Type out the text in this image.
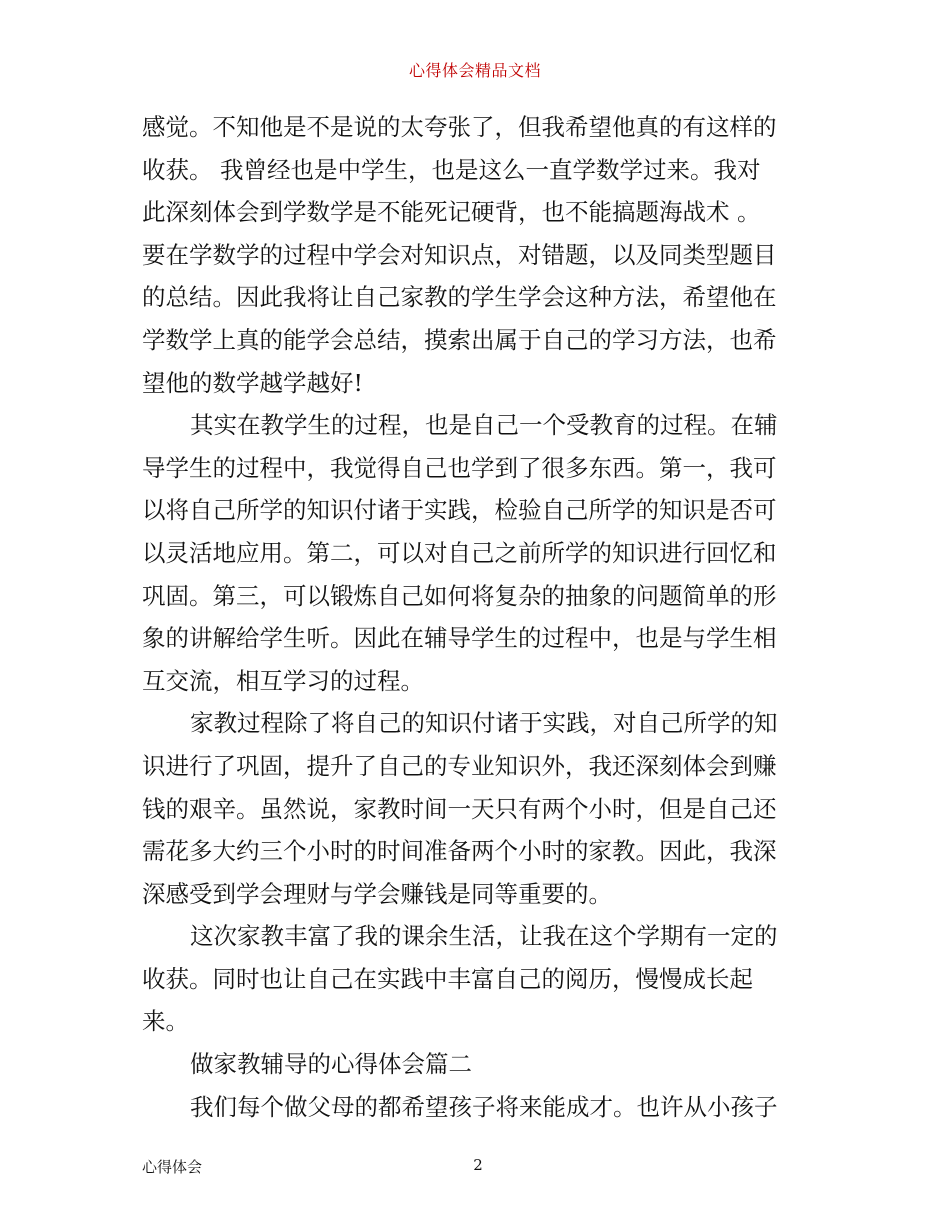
心得体会精品文档
感觉。不知他是不是说的太夸张了，但我希望他真的有这样的
收获。 我曾经也是中学生，也是这么一直学数学过来。我对
此深刻体会到学数学是不能死记硬背，也不能搞题海战术 。
要在学数学的过程中学会对知识点，对错题，以及同类型题目
的总结。因此我将让自己家教的学生学会这种方法，希望他在
学数学上真的能学会总结，摸索出属于自己的学习方法，也希
望他的数学越学越好!
其实在教学生的过程，也是自己一个受教育的过程。在辅
导学生的过程中，我觉得自己也学到了很多东西。第一，我可
以将自己所学的知识付诸于实践，检验自己所学的知识是否可
以灵活地应用。第二，可以对自己之前所学的知识进行回忆和
巩固。第三，可以锻炼自己如何将复杂的抽象的问题简单的形
象的讲解给学生听。因此在辅导学生的过程中，也是与学生相
互交流，相互学习的过程。
家教过程除了将自己的知识付诸于实践，对自己所学的知
识进行了巩固，提升了自己的专业知识外，我还深刻体会到赚
钱的艰辛。虽然说，家教时间一天只有两个小时，但是自己还
需花多大约三个小时的时间准备两个小时的家教。因此，我深
深感受到学会理财与学会赚钱是同等重要的。
这次家教丰富了我的课余生活，让我在这个学期有一定的
收获。同时也让自己在实践中丰富自己的阅历，慢慢成长起
来。
做家教辅导的心得体会篇二
我们每个做父母的都希望孩子将来能成才。也许从小孩子
心得体会	2
